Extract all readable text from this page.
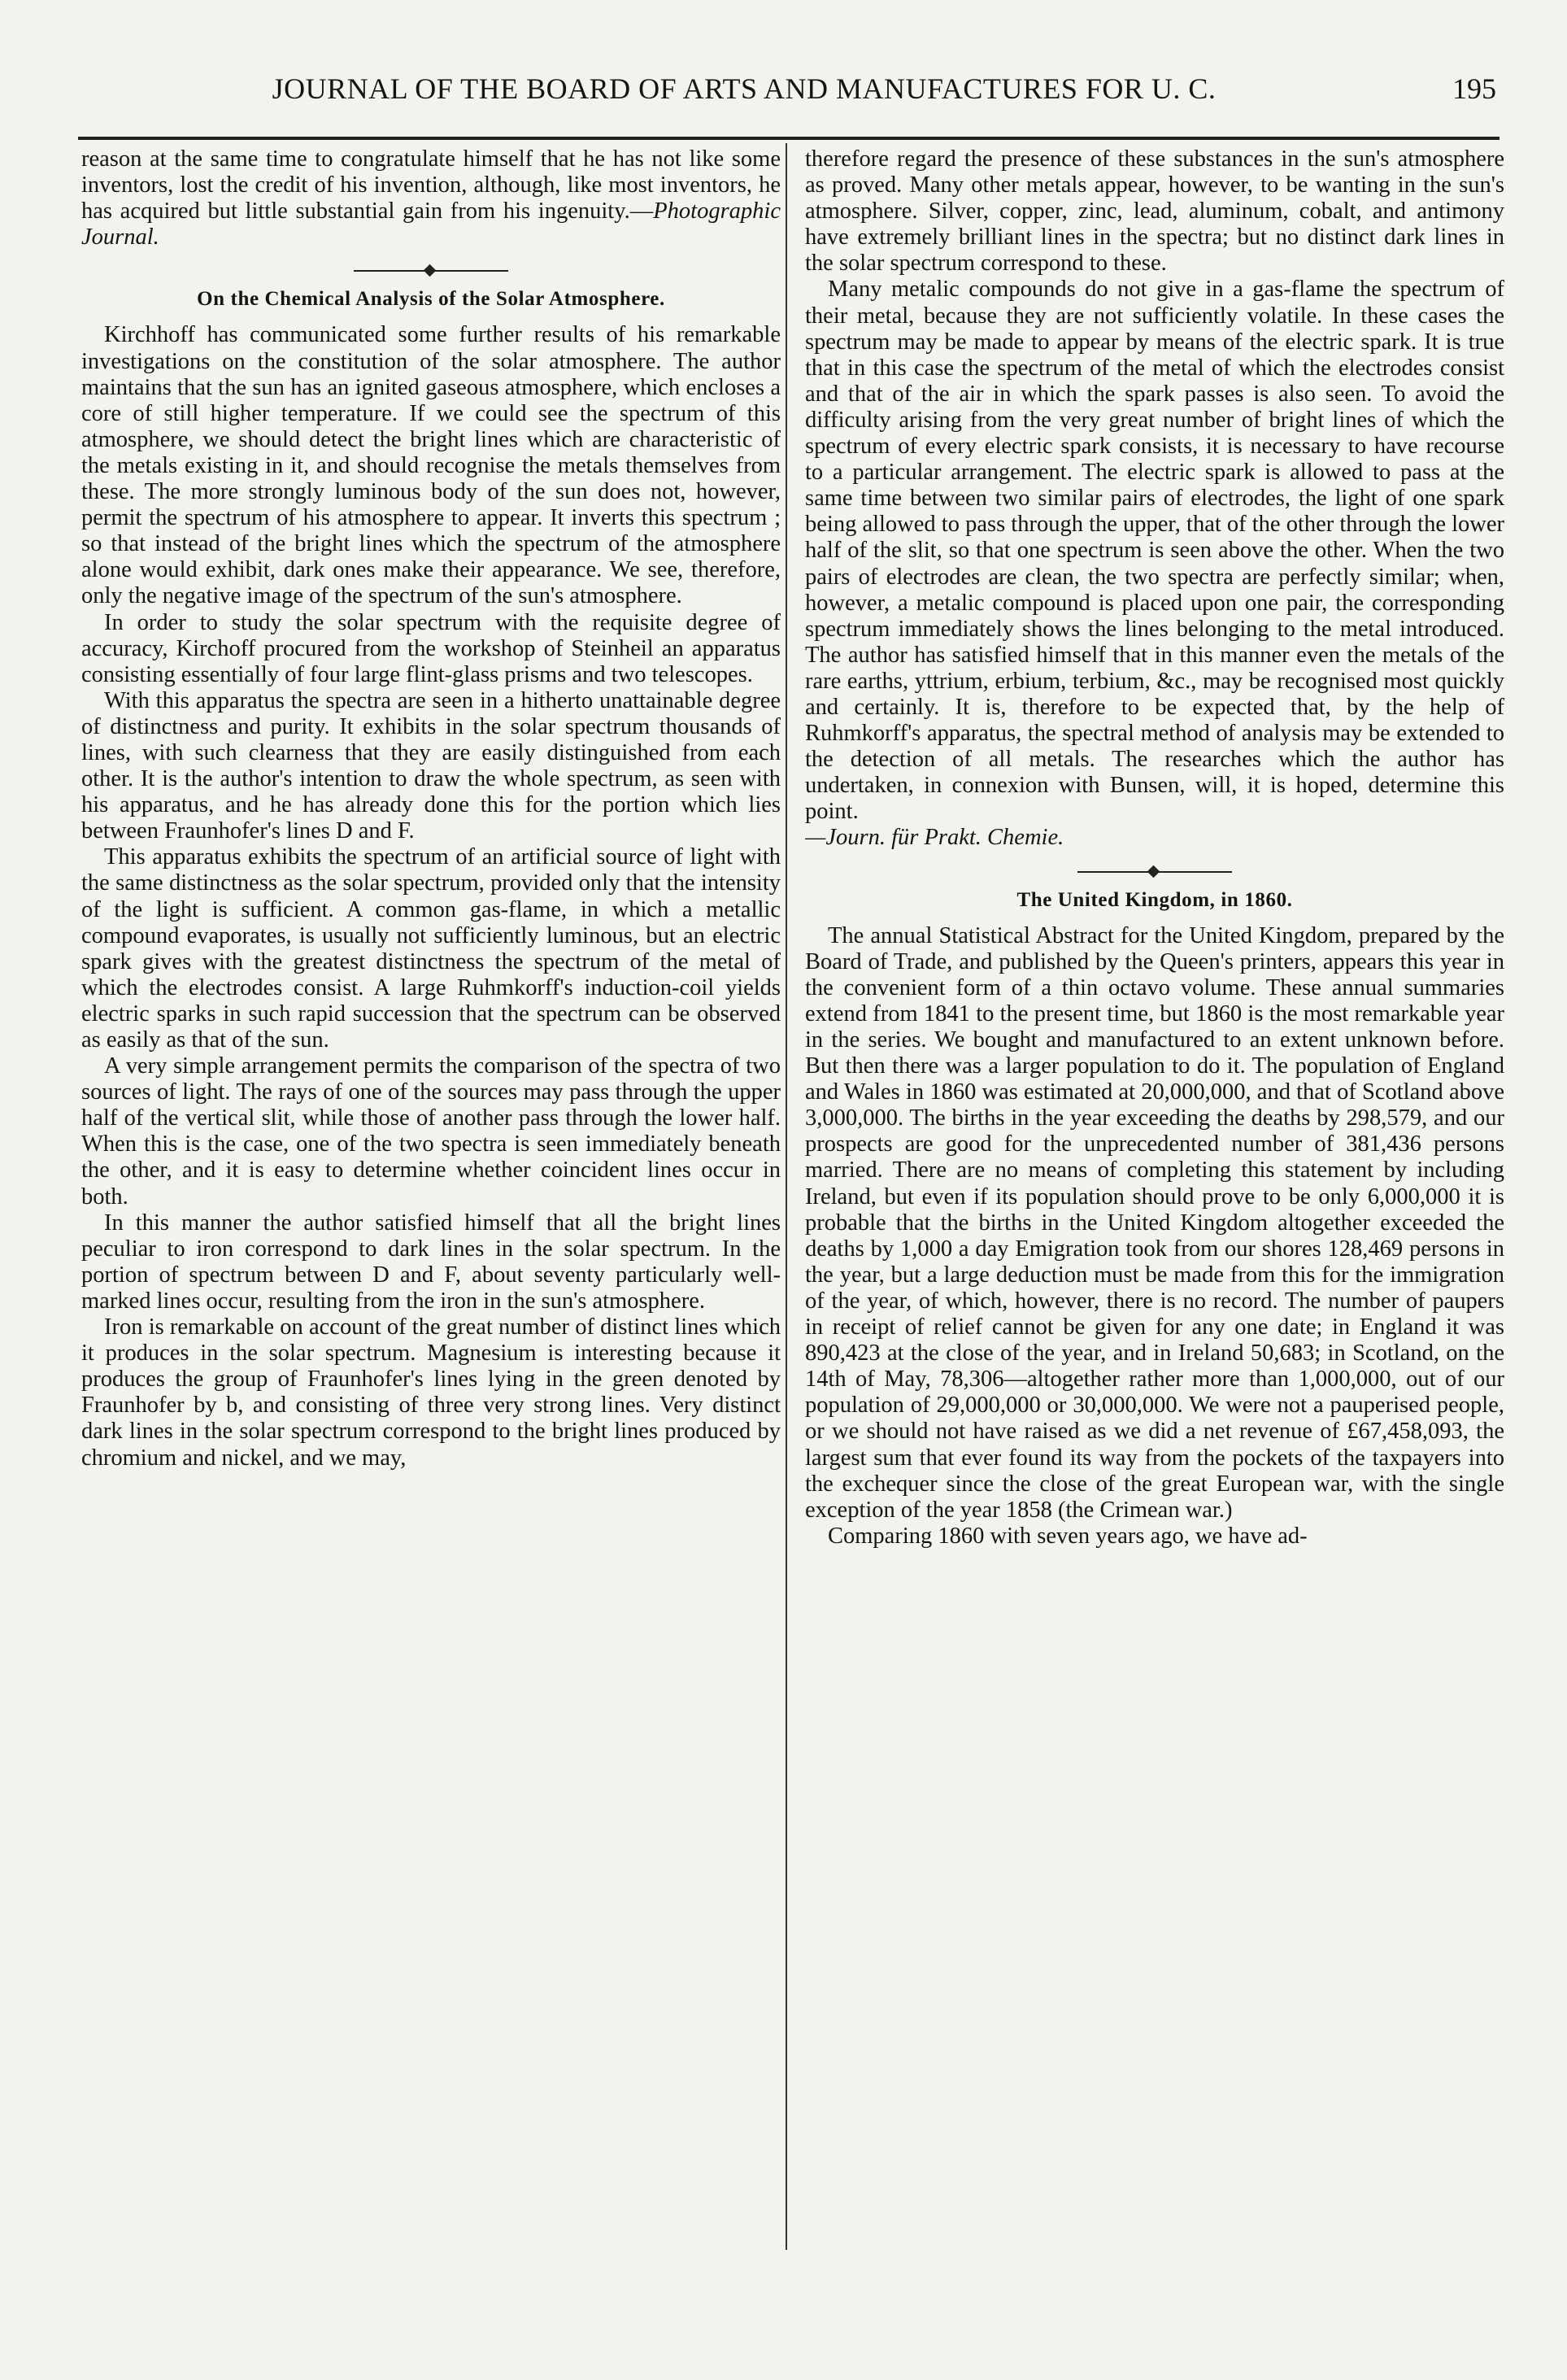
JOURNAL OF THE BOARD OF ARTS AND MANUFACTURES FOR U. C.	195

reason at the same time to congratulate himself that he has not like some inventors, lost the credit of his invention, although, like most inventors, he has acquired but little substantial gain from his ingenuity.—Photographic Journal.

On the Chemical Analysis of the Solar Atmosphere.

Kirchhoff has communicated some further results of his remarkable investigations on the constitution of the solar atmosphere. The author maintains that the sun has an ignited gaseous atmosphere, which encloses a core of still higher temperature. If we could see the spectrum of this atmosphere, we should detect the bright lines which are characteristic of the metals existing in it, and should recognise the metals themselves from these. The more strongly luminous body of the sun does not, however, permit the spectrum of his atmosphere to appear. It inverts this spectrum ; so that instead of the bright lines which the spectrum of the atmosphere alone would exhibit, dark ones make their appearance. We see, therefore, only the negative image of the spectrum of the sun's atmosphere.

In order to study the solar spectrum with the requisite degree of accuracy, Kirchoff procured from the workshop of Steinheil an apparatus consisting essentially of four large flint-glass prisms and two telescopes.

With this apparatus the spectra are seen in a hitherto unattainable degree of distinctness and purity. It exhibits in the solar spectrum thousands of lines, with such clearness that they are easily distinguished from each other. It is the author's intention to draw the whole spectrum, as seen with his apparatus, and he has already done this for the portion which lies between Fraunhofer's lines D and F.

This apparatus exhibits the spectrum of an artificial source of light with the same distinctness as the solar spectrum, provided only that the intensity of the light is sufficient. A common gas-flame, in which a metallic compound evaporates, is usually not sufficiently luminous, but an electric spark gives with the greatest distinctness the spectrum of the metal of which the electrodes consist. A large Ruhmkorff's induction-coil yields electric sparks in such rapid succession that the spectrum can be observed as easily as that of the sun.

A very simple arrangement permits the comparison of the spectra of two sources of light. The rays of one of the sources may pass through the upper half of the vertical slit, while those of another pass through the lower half. When this is the case, one of the two spectra is seen immediately beneath the other, and it is easy to determine whether coincident lines occur in both.

In this manner the author satisfied himself that all the bright lines peculiar to iron correspond to dark lines in the solar spectrum. In the portion of spectrum between D and F, about seventy particularly well-marked lines occur, resulting from the iron in the sun's atmosphere.

Iron is remarkable on account of the great number of distinct lines which it produces in the solar spectrum. Magnesium is interesting because it produces the group of Fraunhofer's lines lying in the green denoted by Fraunhofer by b, and consisting of three very strong lines. Very distinct dark lines in the solar spectrum correspond to the bright lines produced by chromium and nickel, and we may,

therefore regard the presence of these substances in the sun's atmosphere as proved. Many other metals appear, however, to be wanting in the sun's atmosphere. Silver, copper, zinc, lead, aluminum, cobalt, and antimony have extremely brilliant lines in the spectra; but no distinct dark lines in the solar spectrum correspond to these.

Many metalic compounds do not give in a gas-flame the spectrum of their metal, because they are not sufficiently volatile. In these cases the spectrum may be made to appear by means of the electric spark. It is true that in this case the spectrum of the metal of which the electrodes consist and that of the air in which the spark passes is also seen. To avoid the difficulty arising from the very great number of bright lines of which the spectrum of every electric spark consists, it is necessary to have recourse to a particular arrangement. The electric spark is allowed to pass at the same time between two similar pairs of electrodes, the light of one spark being allowed to pass through the upper, that of the other through the lower half of the slit, so that one spectrum is seen above the other. When the two pairs of electrodes are clean, the two spectra are perfectly similar; when, however, a metalic compound is placed upon one pair, the corresponding spectrum immediately shows the lines belonging to the metal introduced. The author has satisfied himself that in this manner even the metals of the rare earths, yttrium, erbium, terbium, &c., may be recognised most quickly and certainly. It is, therefore to be expected that, by the help of Ruhmkorff's apparatus, the spectral method of analysis may be extended to the detection of all metals. The researches which the author has undertaken, in connexion with Bunsen, will, it is hoped, determine this point.

—Journ. für Prakt. Chemie.

The United Kingdom, in 1860.

The annual Statistical Abstract for the United Kingdom, prepared by the Board of Trade, and published by the Queen's printers, appears this year in the convenient form of a thin octavo volume. These annual summaries extend from 1841 to the present time, but 1860 is the most remarkable year in the series. We bought and manufactured to an extent unknown before. But then there was a larger population to do it. The population of England and Wales in 1860 was estimated at 20,000,000, and that of Scotland above 3,000,000. The births in the year exceeding the deaths by 298,579, and our prospects are good for the unprecedented number of 381,436 persons married. There are no means of completing this statement by including Ireland, but even if its population should prove to be only 6,000,000 it is probable that the births in the United Kingdom altogether exceeded the deaths by 1,000 a day Emigration took from our shores 128,469 persons in the year, but a large deduction must be made from this for the immigration of the year, of which, however, there is no record. The number of paupers in receipt of relief cannot be given for any one date; in England it was 890,423 at the close of the year, and in Ireland 50,683; in Scotland, on the 14th of May, 78,306—altogether rather more than 1,000,000, out of our population of 29,000,000 or 30,000,000. We were not a pauperised people, or we should not have raised as we did a net revenue of £67,458,093, the largest sum that ever found its way from the pockets of the taxpayers into the exchequer since the close of the great European war, with the single exception of the year 1858 (the Crimean war.)

Comparing 1860 with seven years ago, we have ad-
